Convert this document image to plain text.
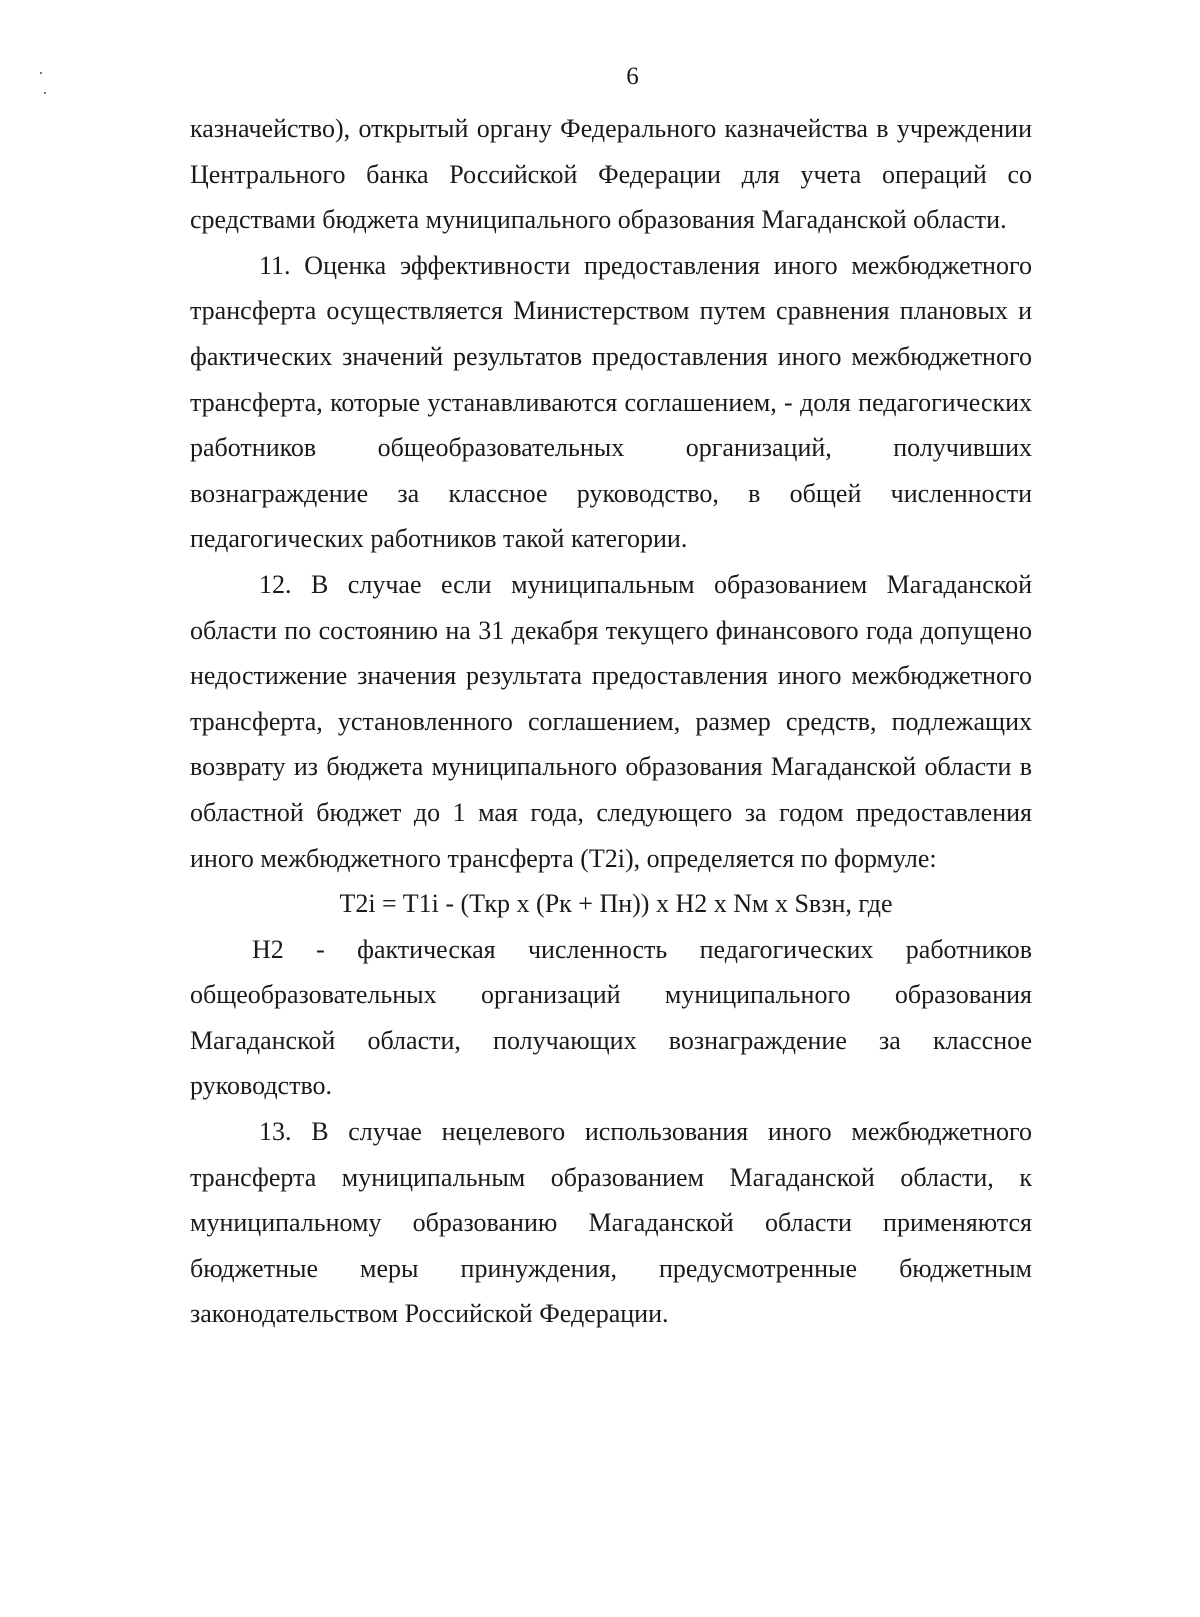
6

казначейство), открытый органу Федерального казначейства в учреждении Центрального банка Российской Федерации для учета операций со средствами бюджета муниципального образования Магаданской области.

11. Оценка эффективности предоставления иного межбюджетного трансферта осуществляется Министерством путем сравнения плановых и фактических значений результатов предоставления иного межбюджетного трансферта, которые устанавливаются соглашением, - доля педагогических работников общеобразовательных организаций, получивших вознаграждение за классное руководство, в общей численности педагогических работников такой категории.

12. В случае если муниципальным образованием Магаданской области по состоянию на 31 декабря текущего финансового года допущено недостижение значения результата предоставления иного межбюджетного трансферта, установленного соглашением, размер средств, подлежащих возврату из бюджета муниципального образования Магаданской области в областной бюджет до 1 мая года, следующего за годом предоставления иного межбюджетного трансферта (T2i), определяется по формуле:

T2i = T1i - (Ткр х (Рк + Пн)) х Н2 х Nм х Sвзн, где

Н2 - фактическая численность педагогических работников общеобразовательных организаций муниципального образования Магаданской области, получающих вознаграждение за классное руководство.

13. В случае нецелевого использования иного межбюджетного трансферта муниципальным образованием Магаданской области, к муниципальному образованию Магаданской области применяются бюджетные меры принуждения, предусмотренные бюджетным законодательством Российской Федерации.
